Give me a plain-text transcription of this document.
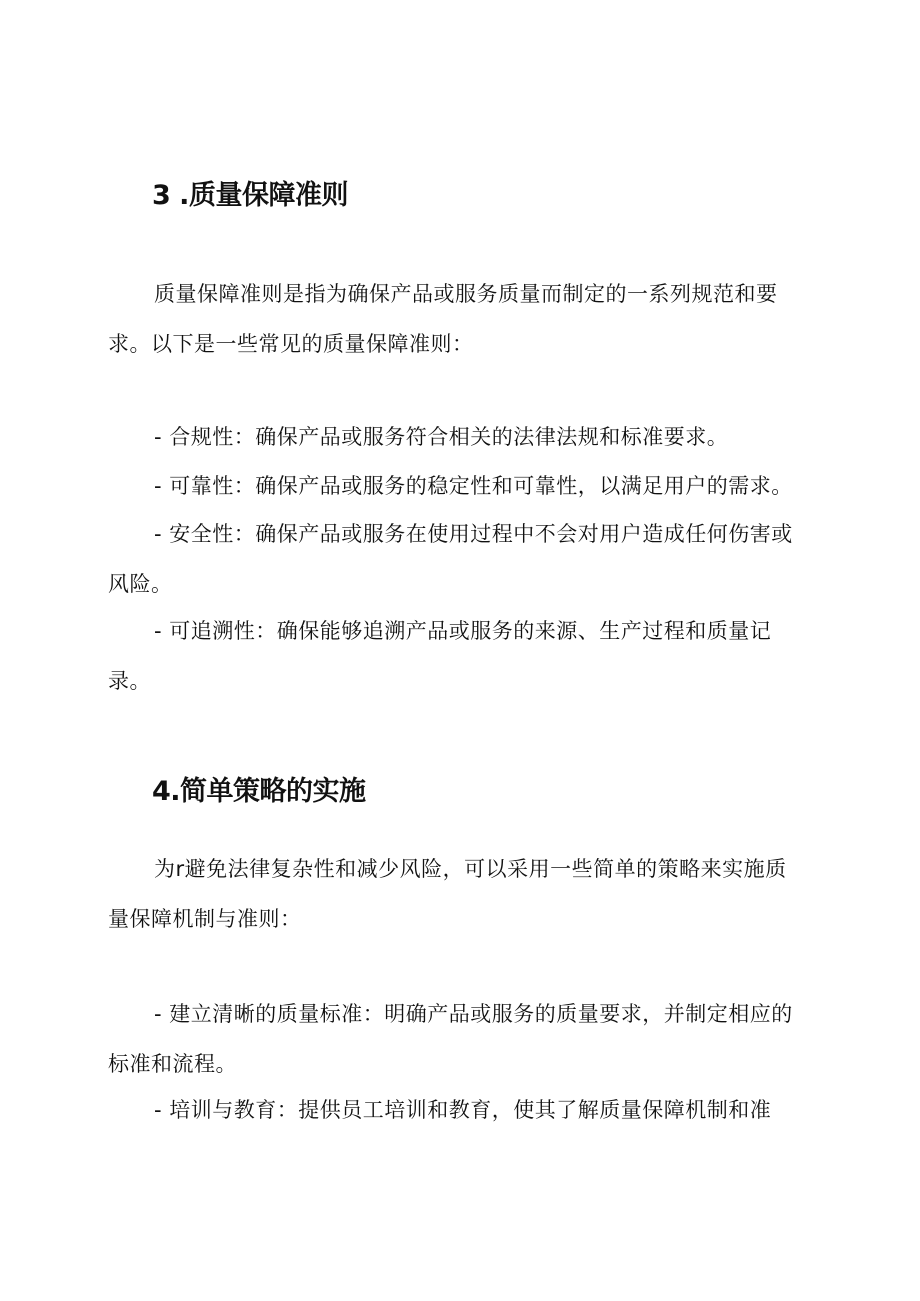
3 .质量保障准则

质量保障准则是指为确保产品或服务质量而制定的一系列规范和要求。以下是一些常见的质量保障准则：

- 合规性：确保产品或服务符合相关的法律法规和标准要求。

- 可靠性：确保产品或服务的稳定性和可靠性，以满足用户的需求。

- 安全性：确保产品或服务在使用过程中不会对用户造成任何伤害或风险。

- 可追溯性：确保能够追溯产品或服务的来源、生产过程和质量记录。

4.简单策略的实施

为r避免法律复杂性和减少风险，可以采用一些简单的策略来实施质量保障机制与准则：

- 建立清晰的质量标准：明确产品或服务的质量要求，并制定相应的标准和流程。

- 培训与教育：提供员工培训和教育，使其了解质量保障机制和准
